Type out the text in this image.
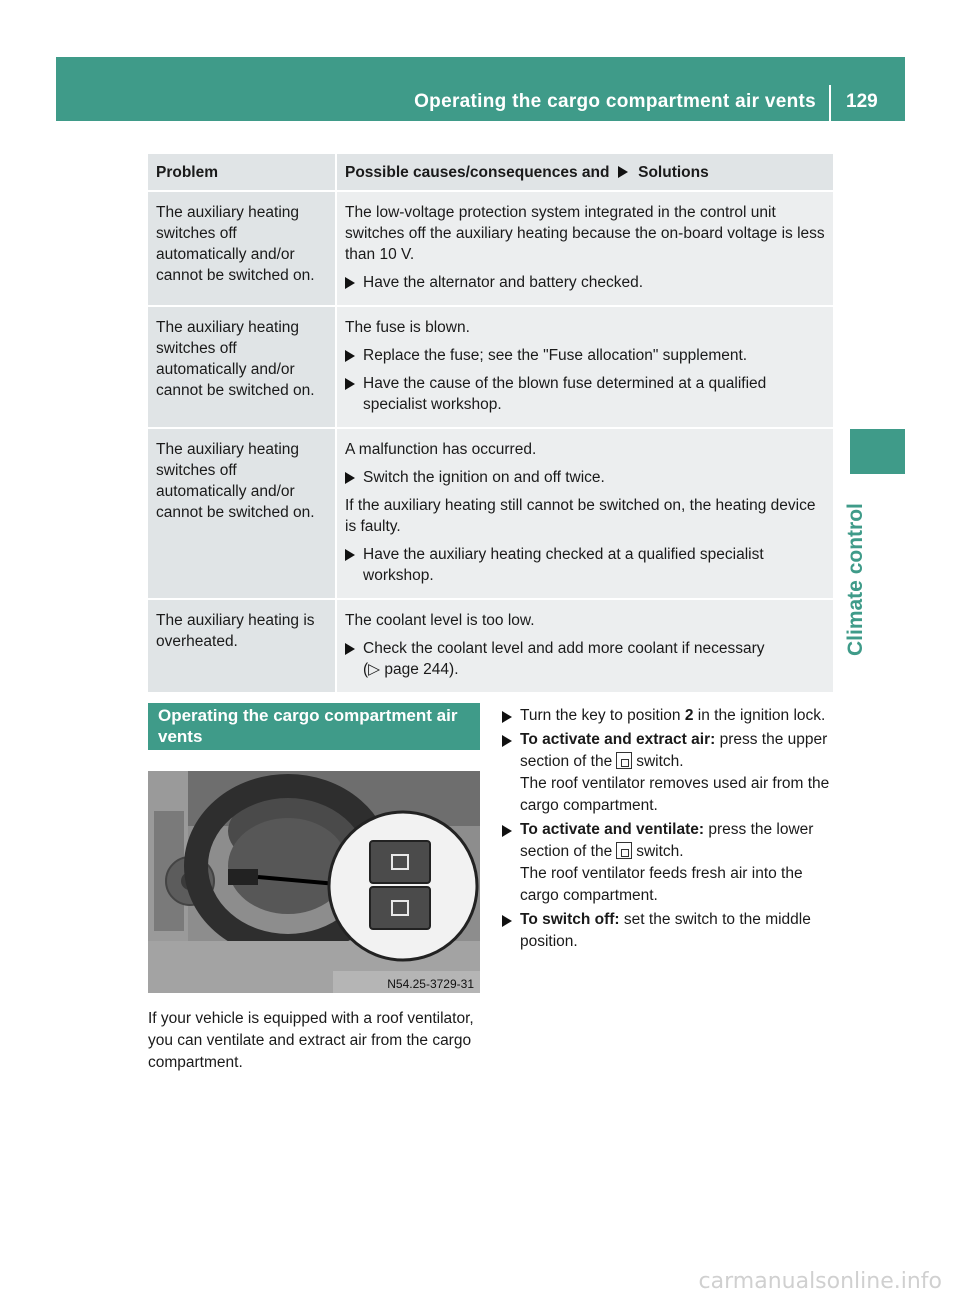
Operating the cargo compartment air vents 129
Climate control
Problem	Possible causes/consequences and Solutions
The auxiliary heating switches off automatically and/or cannot be switched on.	The low-voltage protection system integrated in the control unit switches off the auxiliary heating because the on-board voltage is less than 10 V.

Have the alternator and battery checked.

The auxiliary heating switches off automatically and/or cannot be switched on.	The fuse is blown.

Replace the fuse; see the "Fuse allocation" supplement.
Have the cause of the blown fuse determined at a qualified specialist workshop.

The auxiliary heating switches off automatically and/or cannot be switched on.	A malfunction has occurred.

Switch the ignition on and off twice.

If the auxiliary heating still cannot be switched on, the heating device is faulty.

Have the auxiliary heating checked at a qualified specialist workshop.

The auxiliary heating is overheated.	The coolant level is too low.

Check the coolant level and add more coolant if necessary
(▷ page 244).
Operating the cargo compartment air vents
N54.25-3729-31

If your vehicle is equipped with a roof ventilator, you can ventilate and extract air from the cargo compartment.

Turn the key to position 2 in the ignition lock.
To activate and extract air: press the upper section of the switch.
The roof ventilator removes used air from the cargo compartment.
To activate and ventilate: press the lower section of the switch.
The roof ventilator feeds fresh air into the cargo compartment.
To switch off: set the switch to the middle position.
carmanualsonline.info
